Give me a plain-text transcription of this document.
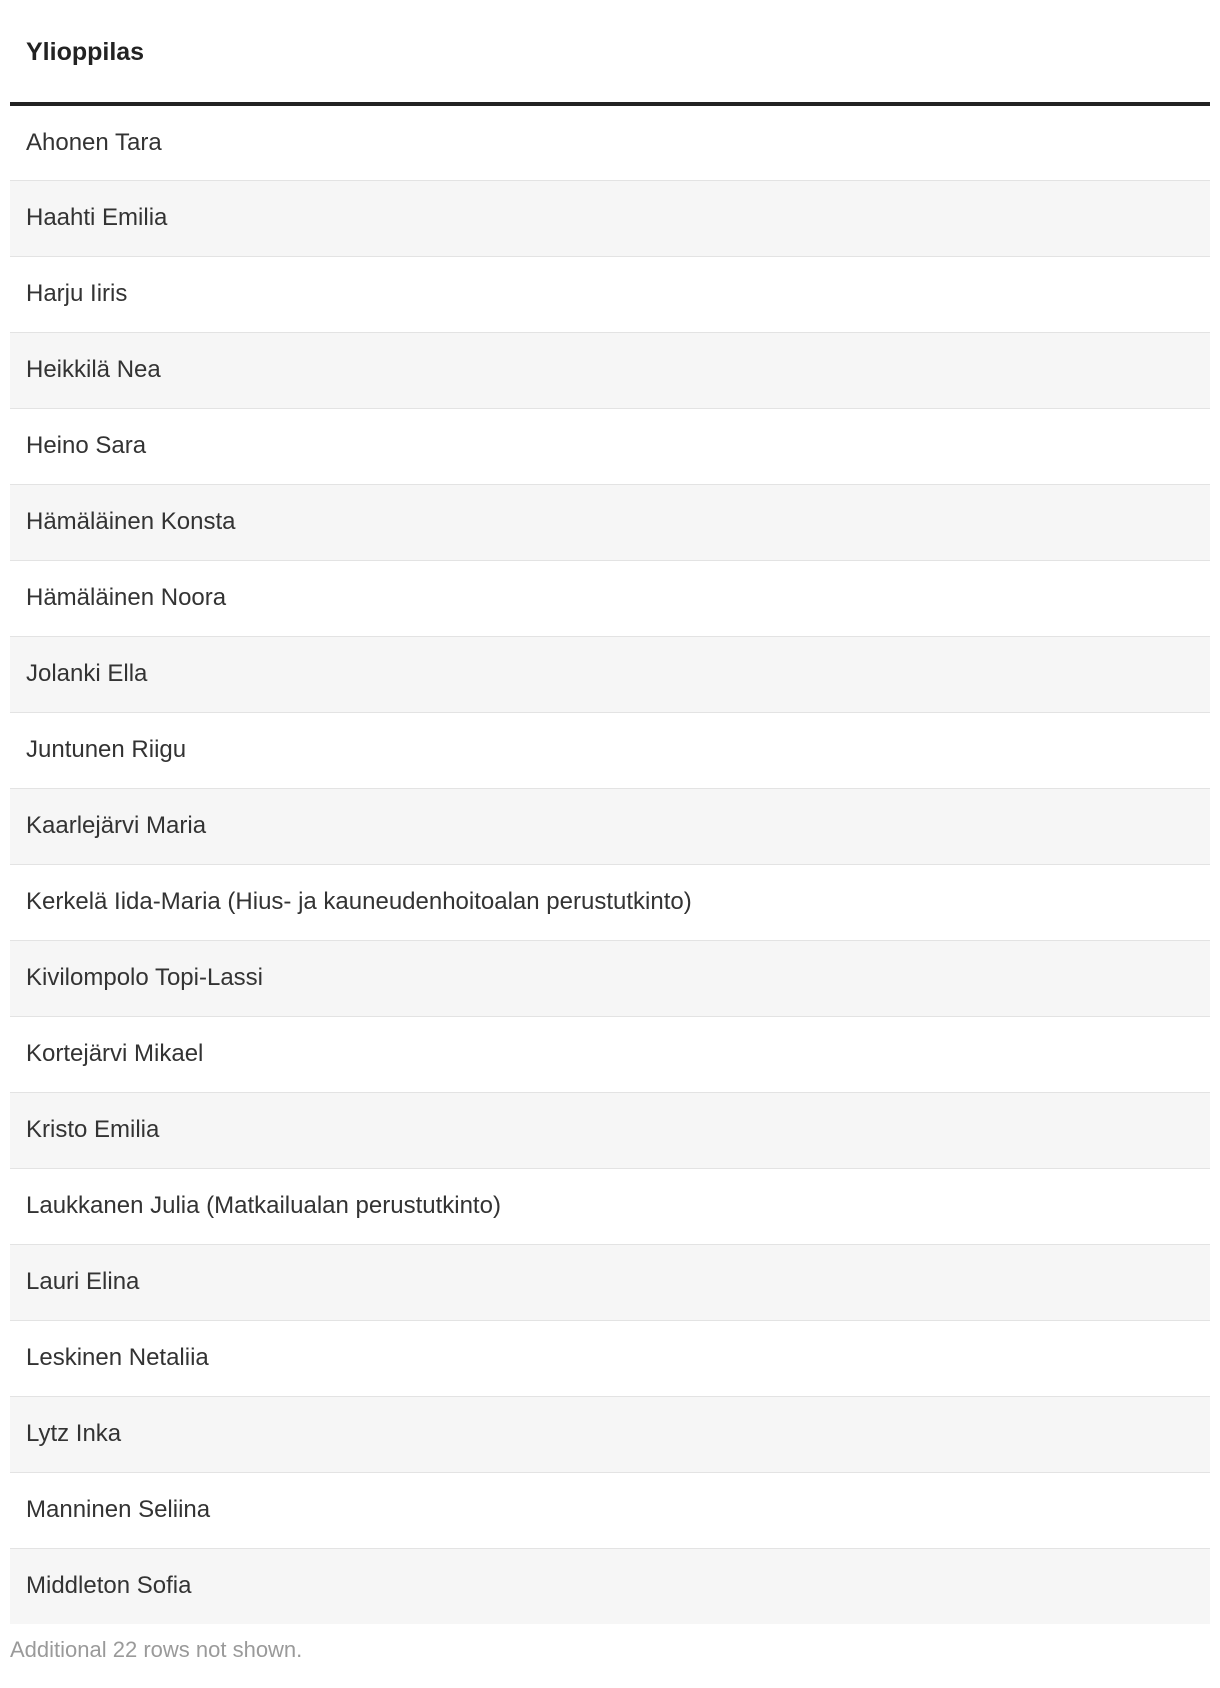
Ylioppilas
Ahonen Tara
Haahti Emilia
Harju Iiris
Heikkilä Nea
Heino Sara
Hämäläinen Konsta
Hämäläinen Noora
Jolanki Ella
Juntunen Riigu
Kaarlejärvi Maria
Kerkelä Iida-Maria (Hius- ja kauneudenhoitoalan perustutkinto)
Kivilompolo Topi-Lassi
Kortejärvi Mikael
Kristo Emilia
Laukkanen Julia (Matkailualan perustutkinto)
Lauri Elina
Leskinen Netaliia
Lytz Inka
Manninen Seliina
Middleton Sofia
Additional 22 rows not shown.
